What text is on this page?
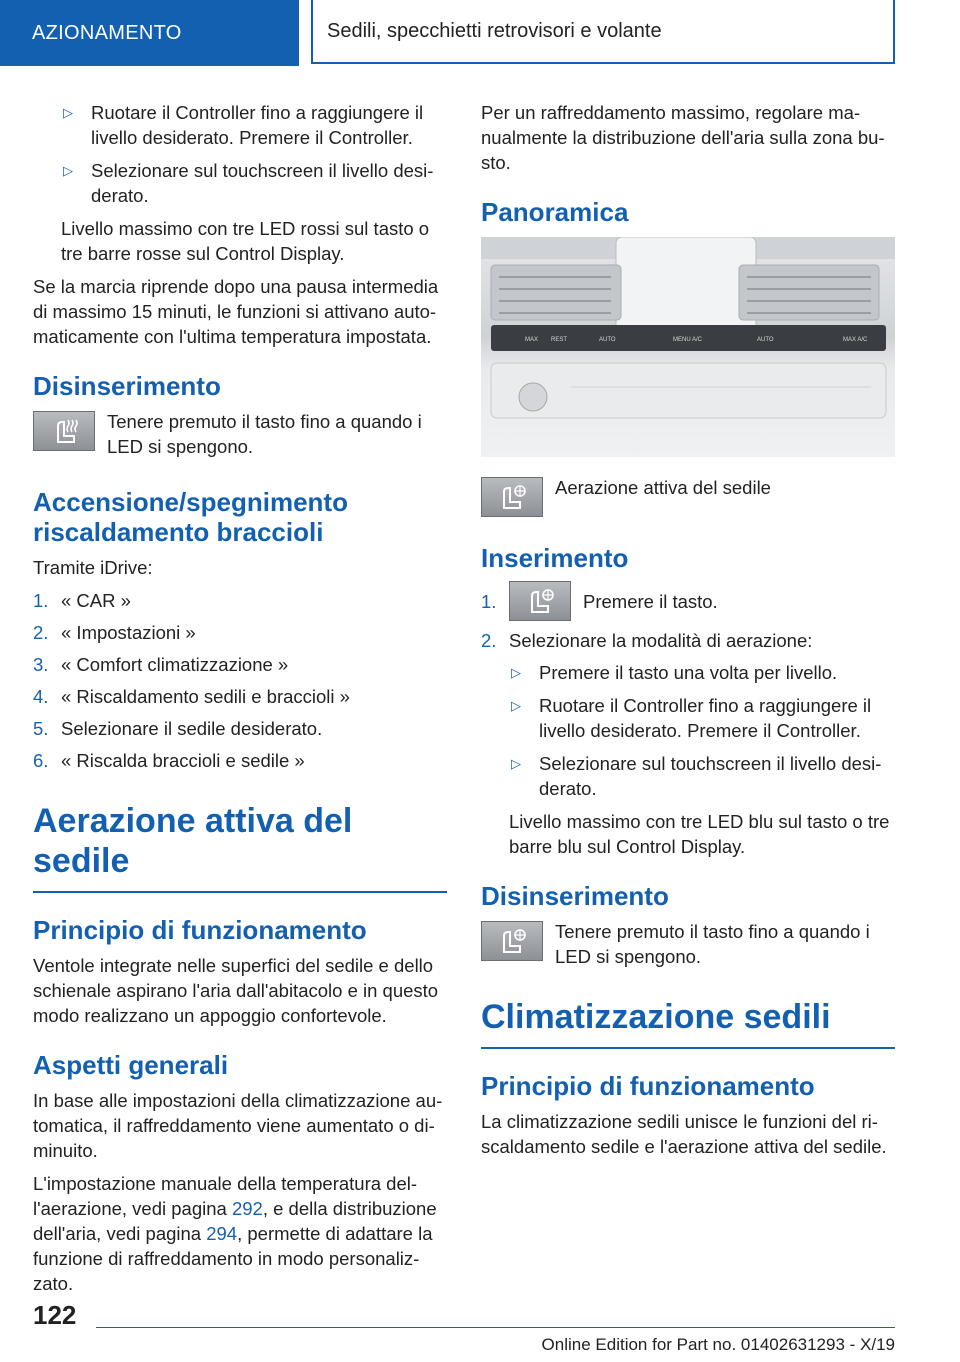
AZIONAMENTO	Sedili, specchietti retrovisori e volante
▷ Ruotare il Controller fino a raggiungere il livello desiderato. Premere il Controller.
▷ Selezionare sul touchscreen il livello desiderato.

Livello massimo con tre LED rossi sul tasto o tre barre rosse sul Control Display.

Se la marcia riprende dopo una pausa intermedia di massimo 15 minuti, le funzioni si attivano automaticamente con l'ultima temperatura impostata.

Disinserimento
Tenere premuto il tasto fino a quando i LED si spengono.
Accensione/spegnimento riscaldamento braccioli

Tramite iDrive:

1. « CAR »
2. « Impostazioni »
3. « Comfort climatizzazione »
4. « Riscaldamento sedili e braccioli »
5. Selezionare il sedile desiderato.
6. « Riscalda braccioli e sedile »
Aerazione attiva del sedile
Principio di funzionamento

Ventole integrate nelle superfici del sedile e dello schienale aspirano l'aria dall'abitacolo e in questo modo realizzano un appoggio confortevole.

Aspetti generali

In base alle impostazioni della climatizzazione automatica, il raffreddamento viene aumentato o diminuito.

L'impostazione manuale della temperatura dell'aerazione, vedi pagina 292, e della distribuzione dell'aria, vedi pagina 294, permette di adattare la funzione di raffreddamento in modo personalizzato.

Per un raffreddamento massimo, regolare manualmente la distribuzione dell'aria sulla zona busto.

Panoramica
MAX REST	AUTO	MENU A/C	AUTO	MAX A/C
Aerazione attiva del sedile
Inserimento
1.	Premere il tasto.
2. Selezionare la modalità di aerazione:
▷ Premere il tasto una volta per livello.
▷ Ruotare il Controller fino a raggiungere il livello desiderato. Premere il Controller.
▷ Selezionare sul touchscreen il livello desiderato.

Livello massimo con tre LED blu sul tasto o tre barre blu sul Control Display.

Disinserimento
Tenere premuto il tasto fino a quando i LED si spengono.
Climatizzazione sedili
Principio di funzionamento

La climatizzazione sedili unisce le funzioni del riscaldamento sedile e l'aerazione attiva del sedile.

122
Online Edition for Part no. 01402631293 - X/19
